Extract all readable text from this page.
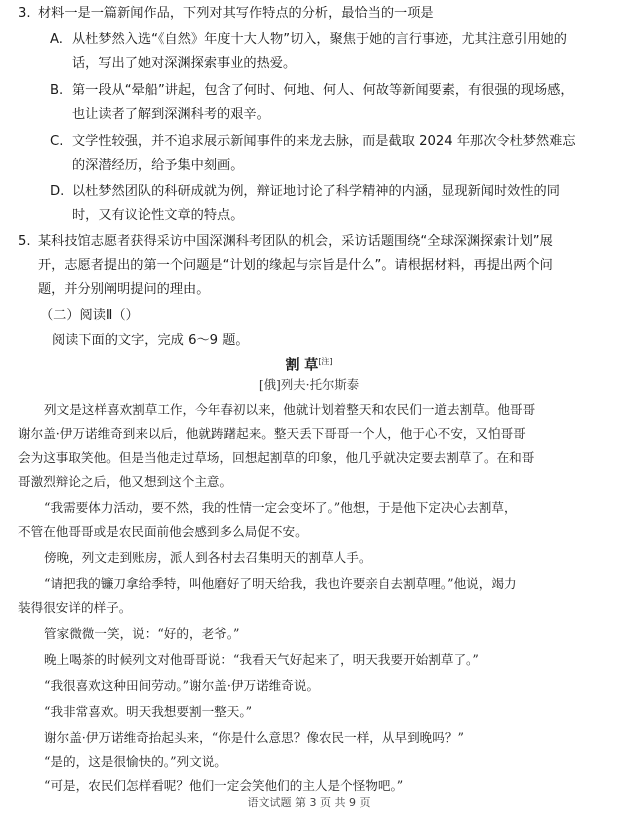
3. 材料一是一篇新闻作品，下列对其写作特点的分析，最恰当的一项是
A. 从杜梦然入选“《自然》年度十大人物”切入，聚焦于她的言行事迹，尤其注意引用她的
话，写出了她对深渊探索事业的热爱。
B. 第一段从“晕船”讲起，包含了何时、何地、何人、何故等新闻要素，有很强的现场感，
也让读者了解到深渊科考的艰辛。
C. 文学性较强，并不追求展示新闻事件的来龙去脉，而是截取 2024 年那次令杜梦然难忘
的深潜经历，给予集中刻画。
D. 以杜梦然团队的科研成就为例，辩证地讨论了科学精神的内涵，显现新闻时效性的同
时，又有议论性文章的特点。
5. 某科技馆志愿者获得采访中国深渊科考团队的机会，采访话题围绕“全球深渊探索计划”展
开，志愿者提出的第一个问题是“计划的缘起与宗旨是什么”。请根据材料，再提出两个问
题，并分别阐明提问的理由。
（二）阅读Ⅱ（）
阅读下面的文字，完成 6～9 题。
割 草[注]
[俄]列夫·托尔斯泰
列文是这样喜欢割草工作，今年春初以来，他就计划着整天和农民们一道去割草。他哥哥
谢尔盖·伊万诺维奇到来以后，他就踌躇起来。整天丢下哥哥一个人，他于心不安，又怕哥哥
会为这事取笑他。但是当他走过草场，回想起割草的印象，他几乎就决定要去割草了。在和哥
哥激烈辩论之后，他又想到这个主意。
“我需要体力活动，要不然，我的性情一定会变坏了。”他想，于是他下定决心去割草，
不管在他哥哥或是农民面前他会感到多么局促不安。
傍晚，列文走到账房，派人到各村去召集明天的割草人手。
“请把我的镰刀拿给季特，叫他磨好了明天给我，我也许要亲自去割草哩。”他说，竭力
装得很安详的样子。
管家微微一笑，说：“好的，老爷。”
晚上喝茶的时候列文对他哥哥说：“我看天气好起来了，明天我要开始割草了。”
“我很喜欢这种田间劳动。”谢尔盖·伊万诺维奇说。
“我非常喜欢。明天我想要割一整天。”
谢尔盖·伊万诺维奇抬起头来，“你是什么意思？像农民一样，从早到晚吗？”
“是的，这是很愉快的。”列文说。
“可是，农民们怎样看呢？他们一定会笑他们的主人是个怪物吧。”
语文试题 第 3 页 共 9 页
